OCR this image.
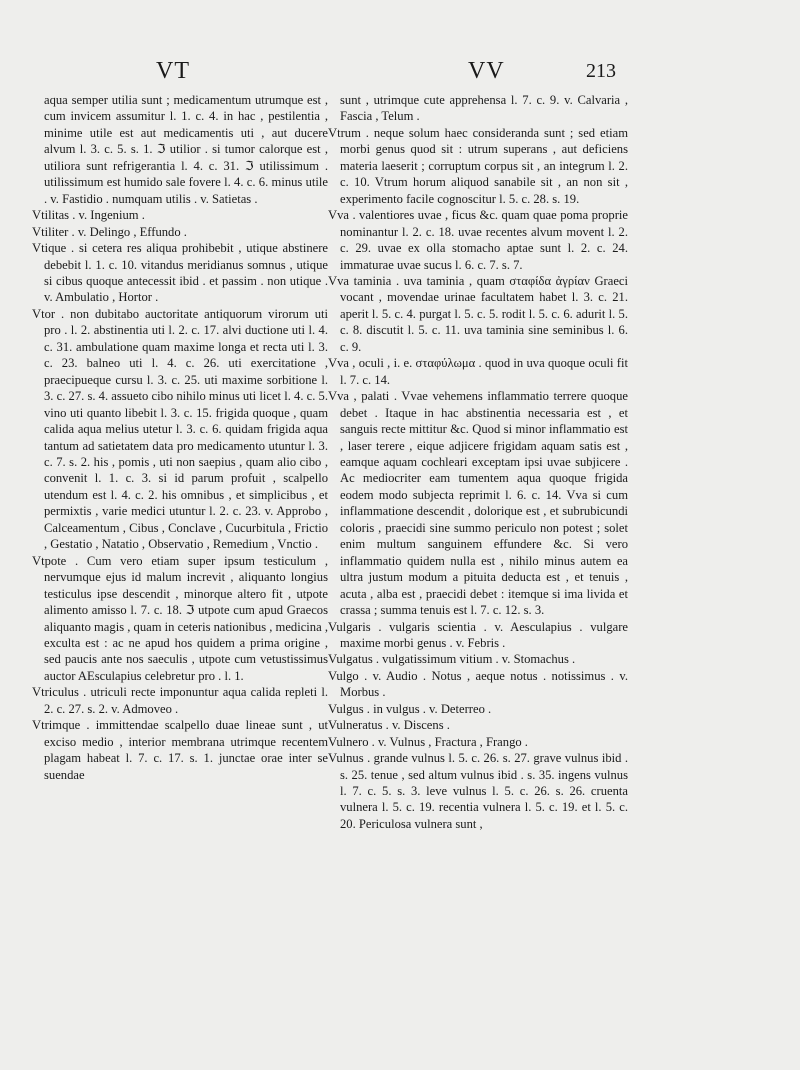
VT	VV	213
aqua semper utilia sunt ; medicamentum utrumque est , cum invicem assumitur l. 1. c. 4. in hac , pestilentia , minime utile est aut medicamentis uti , aut ducere alvum l. 3. c. 5. s. 1. ℑ utilior . si tumor calorque est , utiliora sunt refrigerantia l. 4. c. 31. ℑ utilissimum . utilissimum est humido sale fovere l. 4. c. 6. minus utile . v. Fastidio . numquam utilis . v. Satietas .
Vtilitas . v. Ingenium .
Vtiliter . v. Delingo , Effundo .
Vtique . si cetera res aliqua prohibebit , utique abstinere debebit l. 1. c. 10. vitandus meridianus somnus , utique si cibus quoque antecessit ibid . et passim . non utique . v. Ambulatio , Hortor .
Vtor . non dubitabo auctoritate antiquorum virorum uti pro . l. 2. abstinentia uti l. 2. c. 17. alvi ductione uti l. 4. c. 31. ambulatione quam maxime longa et recta uti l. 3. c. 23. balneo uti l. 4. c. 26. uti exercitatione , praecipueque cursu l. 3. c. 25. uti maxime sorbitione l. 3. c. 27. s. 4. assueto cibo nihilo minus uti licet l. 4. c. 5. vino uti quanto libebit l. 3. c. 15. frigida quoque , quam calida aqua melius utetur l. 3. c. 6. quidam frigida aqua tantum ad satietatem data pro medicamento utuntur l. 3. c. 7. s. 2. his , pomis , uti non saepius , quam alio cibo , convenit l. 1. c. 3. si id parum profuit , scalpello utendum est l. 4. c. 2. his omnibus , et simplicibus , et permixtis , varie medici utuntur l. 2. c. 23. v. Approbo , Calceamentum , Cibus , Conclave , Cucurbitula , Frictio , Gestatio , Natatio , Observatio , Remedium , Vnctio .
Vtpote . Cum vero etiam super ipsum testiculum , nervumque ejus id malum increvit , aliquanto longius testiculus ipse descendit , minorque altero fit , utpote alimento amisso l. 7. c. 18. ℑ utpote cum apud Graecos aliquanto magis , quam in ceteris nationibus , medicina , exculta est : ac ne apud hos quidem a prima origine , sed paucis ante nos saeculis , utpote cum vetustissimus auctor AEsculapius celebretur pro . l. 1.
Vtriculus . utriculi recte imponuntur aqua calida repleti l. 2. c. 27. s. 2. v. Admoveo .
Vtrimque . immittendae scalpello duae lineae sunt , ut exciso medio , interior membrana utrimque recentem plagam habeat l. 7. c. 17. s. 1. junctae orae inter se suendae
sunt , utrimque cute apprehensa l. 7. c. 9. v. Calvaria , Fascia , Telum .
Vtrum . neque solum haec consideranda sunt ; sed etiam morbi genus quod sit : utrum superans , aut deficiens materia laeserit ; corruptum corpus sit , an integrum l. 2. c. 10. Vtrum horum aliquod sanabile sit , an non sit , experimento facile cognoscitur l. 5. c. 28. s. 19.
Vva . valentiores uvae , ficus &c. quam quae poma proprie nominantur l. 2. c. 18. uvae recentes alvum movent l. 2. c. 29. uvae ex olla stomacho aptae sunt l. 2. c. 24. immaturae uvae sucus l. 6. c. 7. s. 7.
Vva taminia . uva taminia , quam σταφίδα ἀγρίαν Graeci vocant , movendae urinae facultatem habet l. 3. c. 21. aperit l. 5. c. 4. purgat l. 5. c. 5. rodit l. 5. c. 6. adurit l. 5. c. 8. discutit l. 5. c. 11. uva taminia sine seminibus l. 6. c. 9.
Vva , oculi , i. e. σταφύλωμα . quod in uva quoque oculi fit l. 7. c. 14.
Vva , palati . Vvae vehemens inflammatio terrere quoque debet . Itaque in hac abstinentia necessaria est , et sanguis recte mittitur &c. Quod si minor inflammatio est , laser terere , eique adjicere frigidam aquam satis est , eamque aquam cochleari exceptam ipsi uvae subjicere . Ac mediocriter eam tumentem aqua quoque frigida eodem modo subjecta reprimit l. 6. c. 14. Vva si cum inflammatione descendit , dolorique est , et subrubicundi coloris , praecidi sine summo periculo non potest ; solet enim multum sanguinem effundere &c. Si vero inflammatio quidem nulla est , nihilo minus autem ea ultra justum modum a pituita deducta est , et tenuis , acuta , alba est , praecidi debet : itemque si ima livida et crassa ; summa tenuis est l. 7. c. 12. s. 3.
Vulgaris . vulgaris scientia . v. Aesculapius . vulgare maxime morbi genus . v. Febris .
Vulgatus . vulgatissimum vitium . v. Stomachus .
Vulgo . v. Audio . Notus , aeque notus . notissimus . v. Morbus .
Vulgus . in vulgus . v. Deterreo .
Vulneratus . v. Discens .
Vulnero . v. Vulnus , Fractura , Frango .
Vulnus . grande vulnus l. 5. c. 26. s. 27. grave vulnus ibid . s. 25. tenue , sed altum vulnus ibid . s. 35. ingens vulnus l. 7. c. 5. s. 3. leve vulnus l. 5. c. 26. s. 26. cruenta vulnera l. 5. c. 19. recentia vulnera l. 5. c. 19. et l. 5. c. 20. Periculosa vulnera sunt ,
